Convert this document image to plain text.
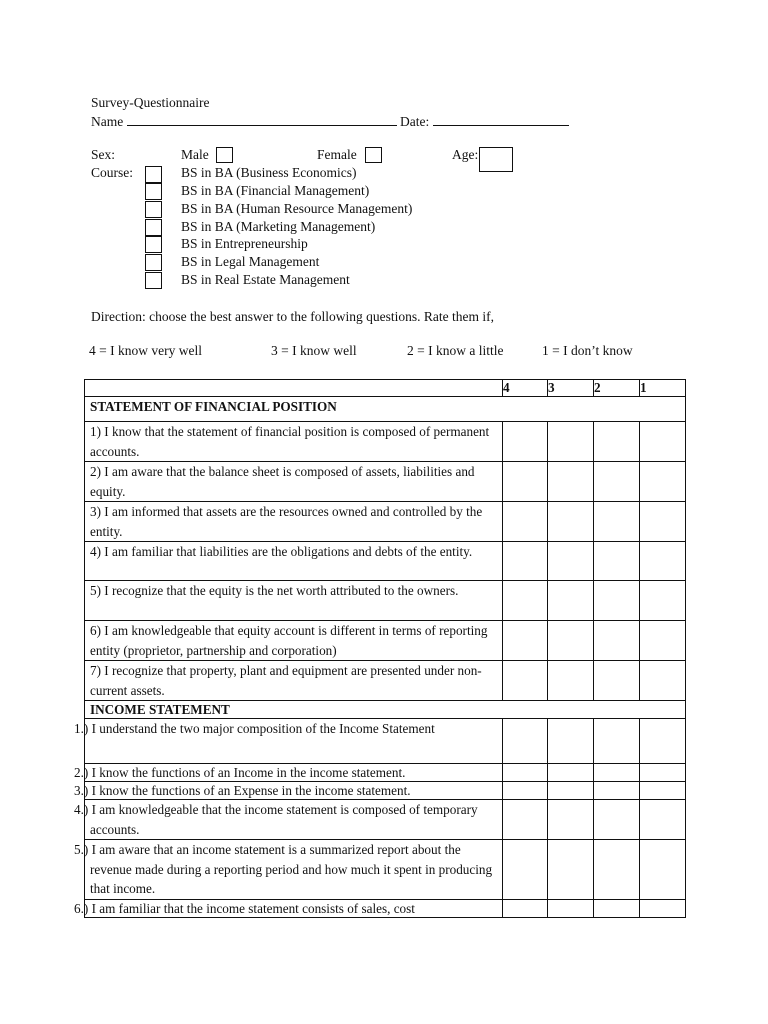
Survey-Questionnaire
Name	Date:
Sex:	Male	Female	Age:
Course:	BS in BA (Business Economics)
BS in BA (Financial Management)
BS in BA (Human Resource Management)
BS in BA (Marketing Management)
BS in Entrepreneurship
BS in Legal Management
BS in Real Estate Management
Direction: choose the best answer to the following questions. Rate them if,
4 = I know very well	3 = I know well	2 = I know a little	1 = I don’t know
	4	3	2	1
STATEMENT OF FINANCIAL POSITION				
1) I know that the statement of financial position is composed of permanent accounts.				
2) I am aware that the balance sheet is composed of assets, liabilities and equity.				
3) I am informed that assets are the resources owned and controlled by the entity.				
4) I am familiar that liabilities are the obligations and debts of the entity.				
5) I recognize that the equity is the net worth attributed to the owners.				
6) I am knowledgeable that equity account is different in terms of reporting entity (proprietor, partnership and corporation)				
7) I recognize that property, plant and equipment are presented under non-current assets.				
INCOME STATEMENT				
1.) I understand the two major composition of the Income Statement				
2.) I know the functions of an Income in the income statement.				
3.) I know the functions of an Expense in the income statement.				
4.) I am knowledgeable that the income statement is composed of temporary accounts.				
5.) I am aware that an income statement is a summarized report about the revenue made during a reporting period and how much it spent in producing that income.				
6.) I am familiar that the income statement consists of sales, cost				
